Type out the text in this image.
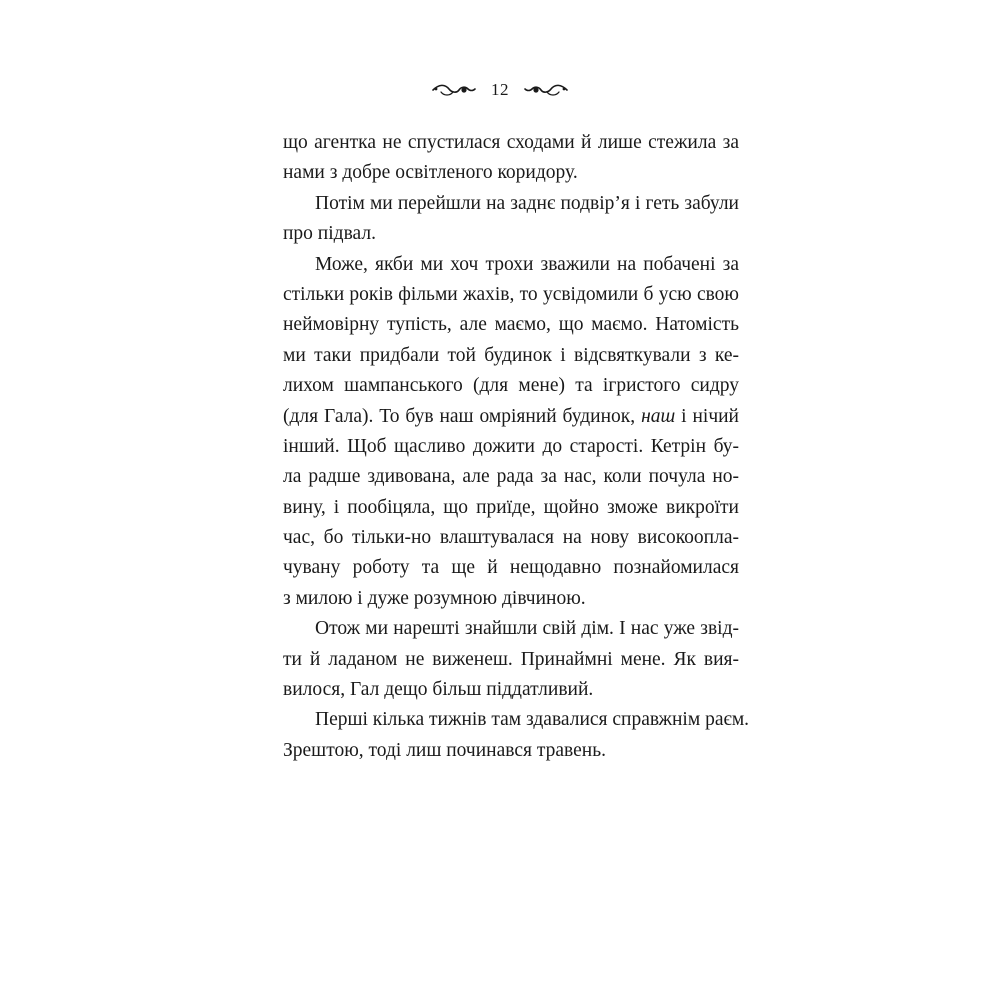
12
що агентка не спустилася сходами й лише стежила за
нами з добре освітленого коридору.
Потім ми перейшли на заднє подвір’я і геть забули
про підвал.
Може, якби ми хоч трохи зважили на побачені за
стільки років фільми жахів, то усвідомили б усю свою
неймовірну тупість, але маємо, що маємо. Натомість
ми таки придбали той будинок і відсвяткували з ке-
лихом шампанського (для мене) та ігристого сидру
(для Гала). То був наш омріяний будинок, наш і нічий
інший. Щоб щасливо дожити до старості. Кетрін бу-
ла радше здивована, але рада за нас, коли почула но-
вину, і пообіцяла, що приїде, щойно зможе викроїти
час, бо тільки-но влаштувалася на нову високоопла-
чувану роботу та ще й нещодавно познайомилася
з милою і дуже розумною дівчиною.
Отож ми нарешті знайшли свій дім. І нас уже звід-
ти й ладаном не виженеш. Принаймні мене. Як вия-
вилося, Гал дещо більш піддатливий.
Перші кілька тижнів там здавалися справжнім раєм.
Зрештою, тоді лиш починався травень.
